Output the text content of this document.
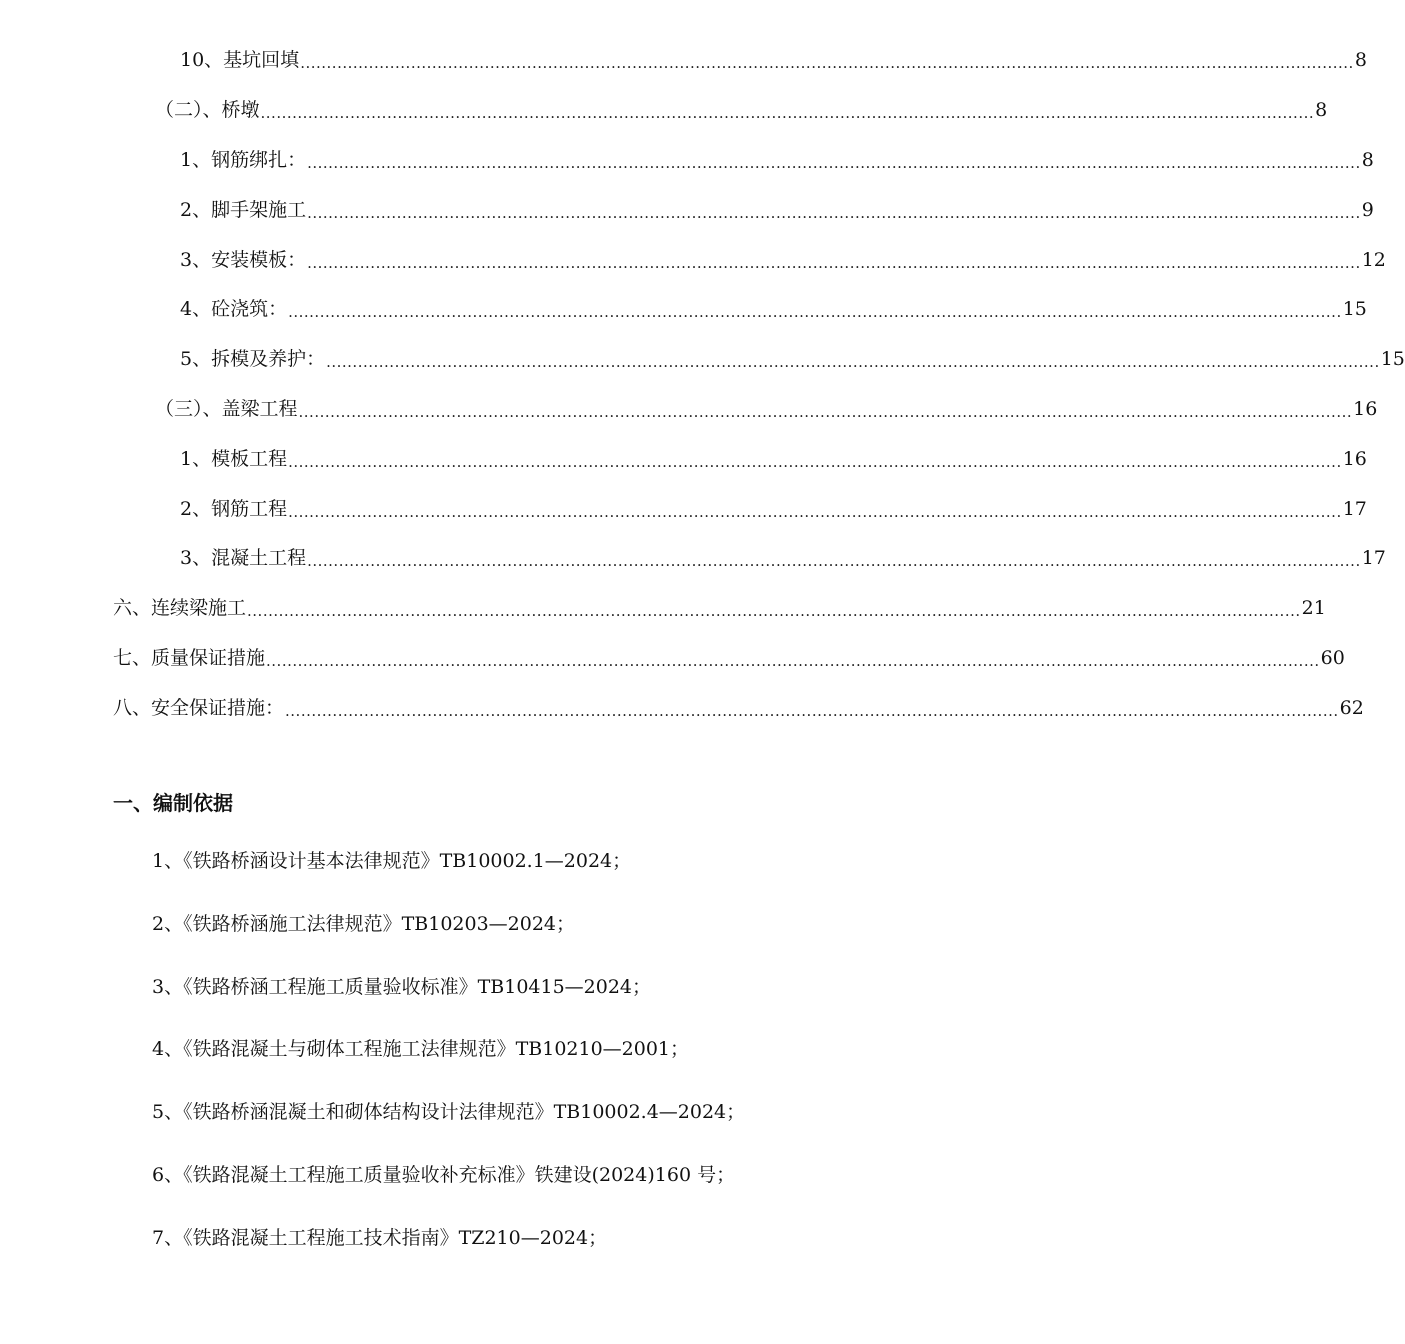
10、基坑回填 ........................................................................................................................................................................................................ 8
（二）、桥墩 ........................................................................................................................................................................................................ 8
1、钢筋绑扎： ........................................................................................................................................................................................................ 8
2、脚手架施工 ........................................................................................................................................................................................................ 9
3、安装模板： ........................................................................................................................................................................................................ 12
4、砼浇筑： ........................................................................................................................................................................................................ 15
5、拆模及养护： ........................................................................................................................................................................................................ 15
（三）、盖梁工程 ........................................................................................................................................................................................................ 16
1、模板工程 ........................................................................................................................................................................................................ 16
2、钢筋工程 ........................................................................................................................................................................................................ 17
3、混凝土工程 ........................................................................................................................................................................................................ 17
六、连续梁施工 ........................................................................................................................................................................................................ 21
七、质量保证措施 ........................................................................................................................................................................................................ 60
八、安全保证措施： ........................................................................................................................................................................................................ 62
一、编制依据
1、《铁路桥涵设计基本法律规范》TB10002.1—2024；
2、《铁路桥涵施工法律规范》TB10203—2024；
3、《铁路桥涵工程施工质量验收标准》TB10415—2024；
4、《铁路混凝土与砌体工程施工法律规范》TB10210—2001；
5、《铁路桥涵混凝土和砌体结构设计法律规范》TB10002.4—2024；
6、《铁路混凝土工程施工质量验收补充标准》铁建设(2024)160 号；
7、《铁路混凝土工程施工技术指南》TZ210—2024；
